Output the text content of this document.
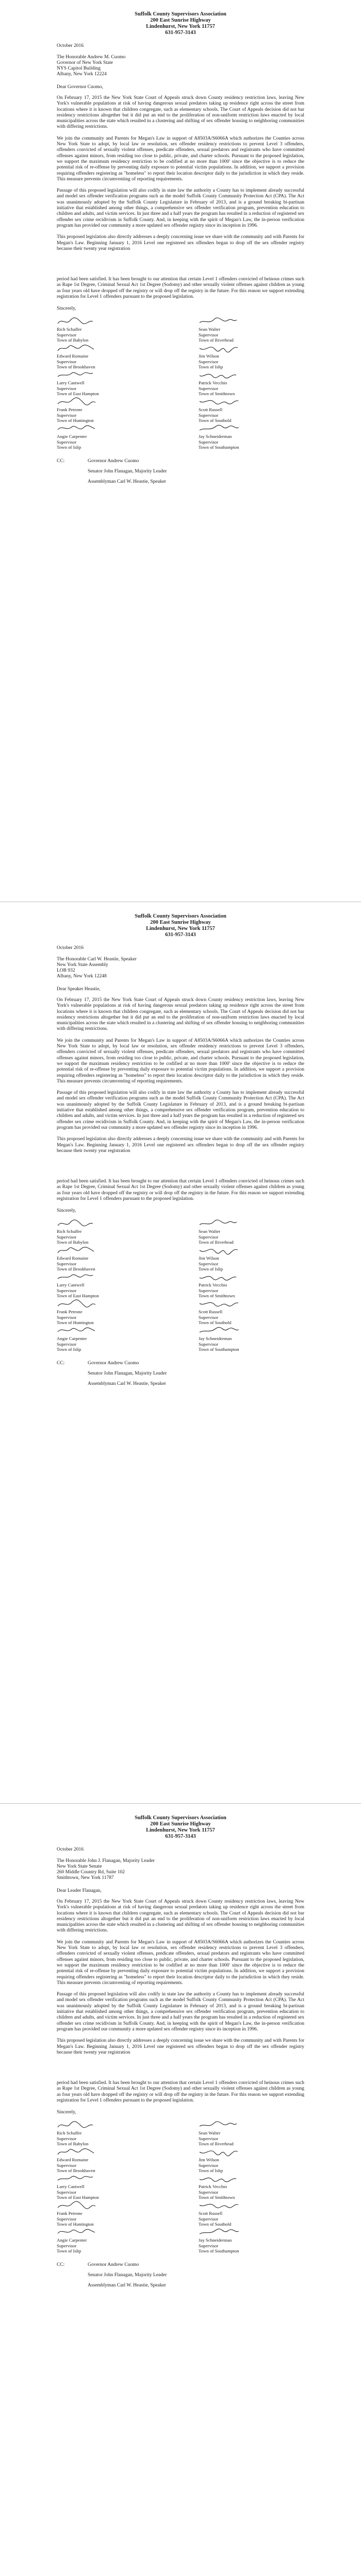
Suffolk County Supervisors Association
200 East Sunrise Highway
Lindenhurst, New York 11757
631-957-3143
October 2016
The Honorable Andrew M. Cuomo
Governor of New York State
NYS Capitol Building
Albany, New York 12224
Dear Governor Cuomo,
On February 17, 2015 the New York State Court of Appeals struck down County residency restriction laws, leaving New York's vulnerable populations at risk of having dangerous sexual predators taking up residence right across the street from locations where it is known that children congregate, such as elementary schools. The Court of Appeals decision did not bar residency restrictions altogether but it did put an end to the proliferation of non-uniform restriction laws enacted by local municipalities across the state which resulted in a clustering and shifting of sex offender housing to neighboring communities with differing restrictions.
We join the community and Parents for Megan's Law in support of A8503A/S6066A which authorizes the Counties across New York State to adopt, by local law or resolution, sex offender residency restrictions to prevent Level 3 offenders, offenders convicted of sexually violent offenses, predicate offenders, sexual predators and registrants who have committed offenses against minors, from residing too close to public, private, and charter schools. Pursuant to the proposed legislation, we support the maximum residency restriction to be codified at no more than 1000' since the objective is to reduce the potential risk of re-offense by preventing daily exposure to potential victim populations. In addition, we support a provision requiring offenders registering as "homeless" to report their location descriptor daily to the jurisdiction in which they reside. This measure prevents circumventing of reporting requirements.
Passage of this proposed legislation will also codify in state law the authority a County has to implement already successful and model sex offender verification programs such as the model Suffolk County Community Protection Act (CPA). The Act was unanimously adopted by the Suffolk County Legislature in February of 2013, and is a ground breaking bi-partisan initiative that established among other things, a comprehensive sex offender verification program, prevention education to children and adults, and victim services. In just three and a half years the program has resulted in a reduction of registered sex offender sex crime recidivism in Suffolk County. And, in keeping with the spirit of Megan's Law, the in-person verification program has provided our community a more updated sex offender registry since its inception in 1996.
This proposed legislation also directly addresses a deeply concerning issue we share with the community and with Parents for Megan's Law. Beginning January 1, 2016 Level one registered sex offenders began to drop off the sex offender registry because their twenty year registration
period had been satisfied. It has been brought to our attention that certain Level 1 offenders convicted of heinous crimes such as Rape 1st Degree, Criminal Sexual Act 1st Degree (Sodomy) and other sexually violent offenses against children as young as four years old have dropped off the registry or will drop off the registry in the future. For this reason we support extending registration for Level 1 offenders pursuant to the proposed legislation.
Sincerely,
Rich Schaffer
Supervisor
Town of Babylon
Sean Walter
Supervisor
Town of Riverhead
Edward Romaine
Supervisor
Town of Brookhaven
Jim Wilson
Supervisor
Town of Islip
Larry Cantwell
Supervisor
Town of East Hampton
Patrick Vecchio
Supervisor
Town of Smithtown
Frank Petrone
Supervisor
Town of Huntington
Scott Russell
Supervisor
Town of Southold
Angie Carpenter
Supervisor
Town of Islip
Jay Schneiderman
Supervisor
Town of Southampton
CC:	Governor Andrew Cuomo
Senator John Flanagan, Majority Leader
Assemblyman Carl W. Heastie, Speaker
Suffolk County Supervisors Association
200 East Sunrise Highway
Lindenhurst, New York 11757
631-957-3143
October 2016
The Honorable Carl W. Heastie, Speaker
New York State Assembly
LOB 932
Albany, New York 12248
Dear Speaker Heastie,
On February 17, 2015 the New York State Court of Appeals struck down County residency restriction laws, leaving New York's vulnerable populations at risk of having dangerous sexual predators taking up residence right across the street from locations where it is known that children congregate, such as elementary schools. The Court of Appeals decision did not bar residency restrictions altogether but it did put an end to the proliferation of non-uniform restriction laws enacted by local municipalities across the state which resulted in a clustering and shifting of sex offender housing to neighboring communities with differing restrictions.
We join the community and Parents for Megan's Law in support of A8503A/S6066A which authorizes the Counties across New York State to adopt, by local law or resolution, sex offender residency restrictions to prevent Level 3 offenders, offenders convicted of sexually violent offenses, predicate offenders, sexual predators and registrants who have committed offenses against minors, from residing too close to public, private, and charter schools. Pursuant to the proposed legislation, we support the maximum residency restriction to be codified at no more than 1000' since the objective is to reduce the potential risk of re-offense by preventing daily exposure to potential victim populations. In addition, we support a provision requiring offenders registering as "homeless" to report their location descriptor daily to the jurisdiction in which they reside. This measure prevents circumventing of reporting requirements.
Passage of this proposed legislation will also codify in state law the authority a County has to implement already successful and model sex offender verification programs such as the model Suffolk County Community Protection Act (CPA). The Act was unanimously adopted by the Suffolk County Legislature in February of 2013, and is a ground breaking bi-partisan initiative that established among other things, a comprehensive sex offender verification program, prevention education to children and adults, and victim services. In just three and a half years the program has resulted in a reduction of registered sex offender sex crime recidivism in Suffolk County. And, in keeping with the spirit of Megan's Law, the in-person verification program has provided our community a more updated sex offender registry since its inception in 1996.
This proposed legislation also directly addresses a deeply concerning issue we share with the community and with Parents for Megan's Law. Beginning January 1, 2016 Level one registered sex offenders began to drop off the sex offender registry because their twenty year registration
period had been satisfied. It has been brought to our attention that certain Level 1 offenders convicted of heinous crimes such as Rape 1st Degree, Criminal Sexual Act 1st Degree (Sodomy) and other sexually violent offenses against children as young as four years old have dropped off the registry or will drop off the registry in the future. For this reason we support extending registration for Level 1 offenders pursuant to the proposed legislation.
Sincerely,
Rich Schaffer
Supervisor
Town of Babylon
Sean Walter
Supervisor
Town of Riverhead
Edward Romaine
Supervisor
Town of Brookhaven
Jim Wilson
Supervisor
Town of Islip
Larry Cantwell
Supervisor
Town of East Hampton
Patrick Vecchio
Supervisor
Town of Smithtown
Frank Petrone
Supervisor
Town of Huntington
Scott Russell
Supervisor
Town of Southold
Angie Carpenter
Supervisor
Town of Islip
Jay Schneiderman
Supervisor
Town of Southampton
CC:	Governor Andrew Cuomo
Senator John Flanagan, Majority Leader
Assemblyman Carl W. Heastie, Speaker
Suffolk County Supervisors Association
200 East Sunrise Highway
Lindenhurst, New York 11757
631-957-3143
October 2016
The Honorable John J. Flanagan, Majority Leader
New York State Senate
260 Middle Country Rd, Suite 102
Smithtown, New York 11787
Dear Leader Flanagan,
On February 17, 2015 the New York State Court of Appeals struck down County residency restriction laws, leaving New York's vulnerable populations at risk of having dangerous sexual predators taking up residence right across the street from locations where it is known that children congregate, such as elementary schools. The Court of Appeals decision did not bar residency restrictions altogether but it did put an end to the proliferation of non-uniform restriction laws enacted by local municipalities across the state which resulted in a clustering and shifting of sex offender housing to neighboring communities with differing restrictions.
We join the community and Parents for Megan's Law in support of A8503A/S6066A which authorizes the Counties across New York State to adopt, by local law or resolution, sex offender residency restrictions to prevent Level 3 offenders, offenders convicted of sexually violent offenses, predicate offenders, sexual predators and registrants who have committed offenses against minors, from residing too close to public, private, and charter schools. Pursuant to the proposed legislation, we support the maximum residency restriction to be codified at no more than 1000' since the objective is to reduce the potential risk of re-offense by preventing daily exposure to potential victim populations. In addition, we support a provision requiring offenders registering as "homeless" to report their location descriptor daily to the jurisdiction in which they reside. This measure prevents circumventing of reporting requirements.
Passage of this proposed legislation will also codify in state law the authority a County has to implement already successful and model sex offender verification programs such as the model Suffolk County Community Protection Act (CPA). The Act was unanimously adopted by the Suffolk County Legislature in February of 2013, and is a ground breaking bi-partisan initiative that established among other things, a comprehensive sex offender verification program, prevention education to children and adults, and victim services. In just three and a half years the program has resulted in a reduction of registered sex offender sex crime recidivism in Suffolk County. And, in keeping with the spirit of Megan's Law, the in-person verification program has provided our community a more updated sex offender registry since its inception in 1996.
This proposed legislation also directly addresses a deeply concerning issue we share with the community and with Parents for Megan's Law. Beginning January 1, 2016 Level one registered sex offenders began to drop off the sex offender registry because their twenty year registration
period had been satisfied. It has been brought to our attention that certain Level 1 offenders convicted of heinous crimes such as Rape 1st Degree, Criminal Sexual Act 1st Degree (Sodomy) and other sexually violent offenses against children as young as four years old have dropped off the registry or will drop off the registry in the future. For this reason we support extending registration for Level 1 offenders pursuant to the proposed legislation.
Sincerely,
Rich Schaffer
Supervisor
Town of Babylon
Sean Walter
Supervisor
Town of Riverhead
Edward Romaine
Supervisor
Town of Brookhaven
Jim Wilson
Supervisor
Town of Islip
Larry Cantwell
Supervisor
Town of East Hampton
Patrick Vecchio
Supervisor
Town of Smithtown
Frank Petrone
Supervisor
Town of Huntington
Scott Russell
Supervisor
Town of Southold
Angie Carpenter
Supervisor
Town of Islip
Jay Schneiderman
Supervisor
Town of Southampton
CC:	Governor Andrew Cuomo
Senator John Flanagan, Majority Leader
Assemblyman Carl W. Heastie, Speaker
